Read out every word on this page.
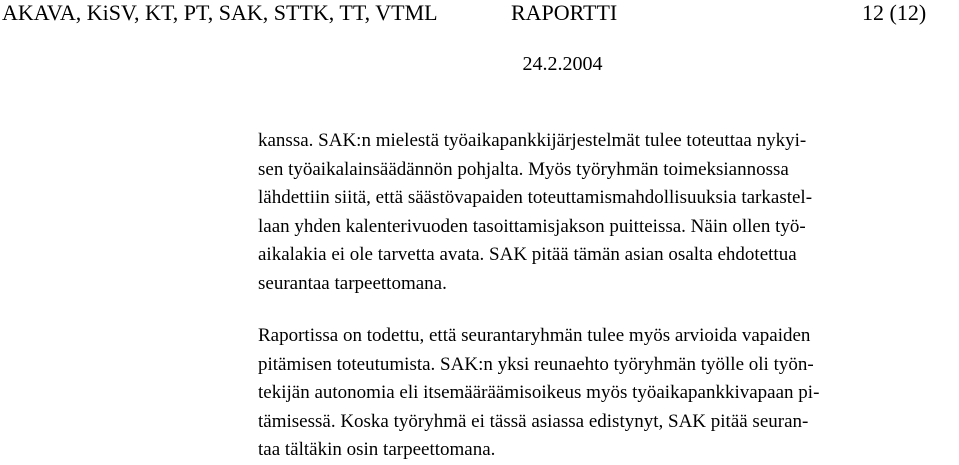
AKAVA, KiSV, KT, PT, SAK, STTK, TT, VTML	RAPORTTI	12 (12)
24.2.2004
kanssa. SAK:n mielestä työaikapankkijärjestelmät tulee toteuttaa nykyi-
sen työaikalainsäädännön pohjalta. Myös työryhmän toimeksiannossa
lähdettiin siitä, että säästövapaiden toteuttamismahdollisuuksia tarkastel-
laan yhden kalenterivuoden tasoittamisjakson puitteissa. Näin ollen työ-
aikalakia ei ole tarvetta avata. SAK pitää tämän asian osalta ehdotettua
seurantaa tarpeettomana.
Raportissa on todettu, että seurantaryhmän tulee myös arvioida vapaiden
pitämisen toteutumista. SAK:n yksi reunaehto työryhmän työlle oli työn-
tekijän autonomia eli itsemääräämisoikeus myös työaikapankkivapaan pi-
tämisessä. Koska työryhmä ei tässä asiassa edistynyt, SAK pitää seuran-
taa tältäkin osin tarpeettomana.
